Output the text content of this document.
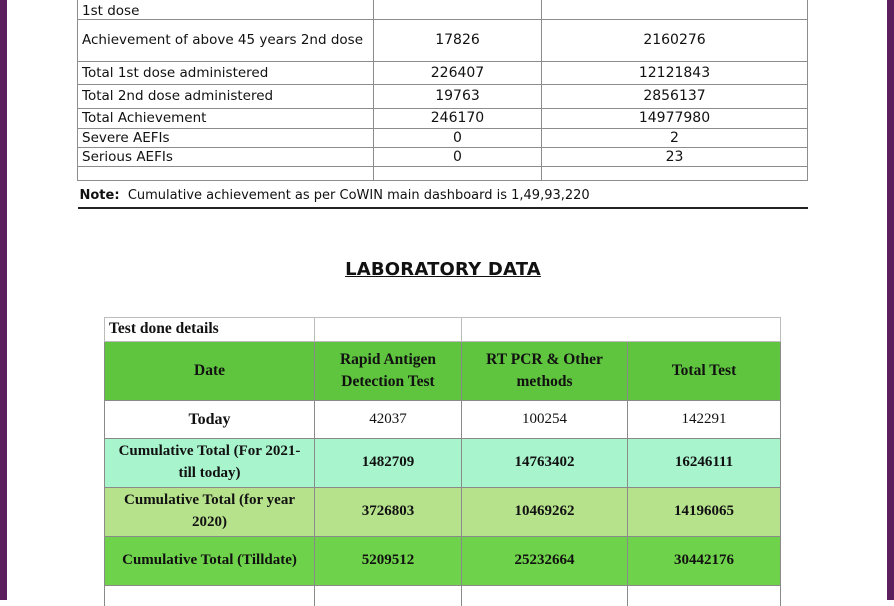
1st dose		
Achievement of above 45 years 2nd dose	17826	2160276
Total 1st dose administered	226407	12121843
Total 2nd dose administered	19763	2856137
Total Achievement	246170	14977980
Severe AEFIs	0	2
Serious AEFIs	0	23

Note: Cumulative achievement as per CoWIN main dashboard is 1,49,93,220		
LABORATORY DATA
Test done details			
Date	Rapid Antigen Detection Test	RT PCR & Other methods	Total Test
Today	42037	100254	142291
Cumulative Total (For 2021- till today)	1482709	14763402	16246111
Cumulative Total (for year 2020)	3726803	10469262	14196065
Cumulative Total (Tilldate)	5209512	25232664	30442176
